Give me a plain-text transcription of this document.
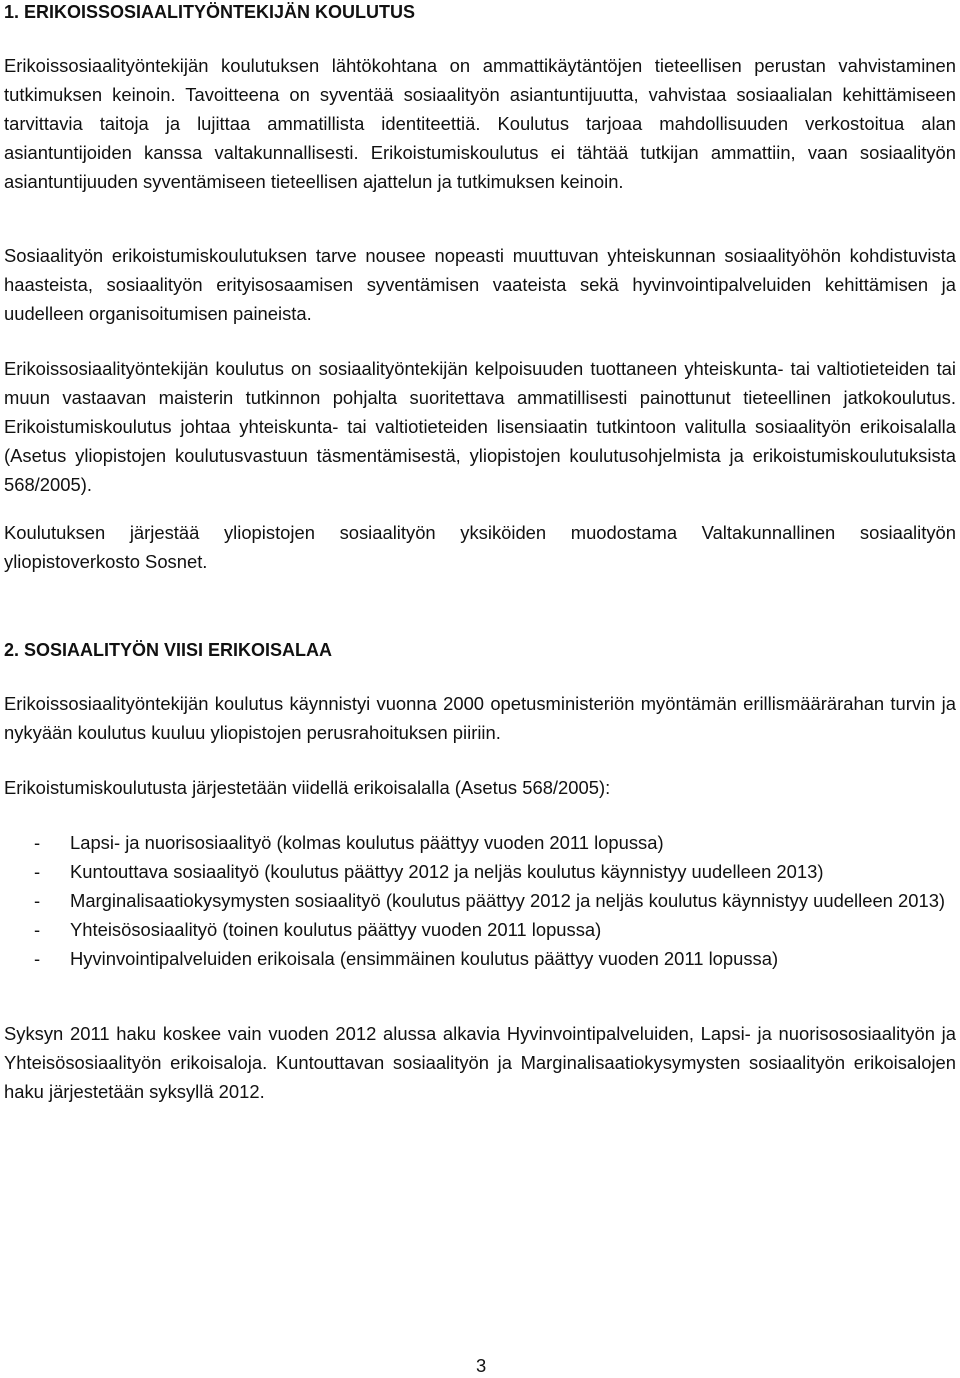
1. ERIKOISSOSIAALITYÖNTEKIJÄN KOULUTUS

Erikoissosiaalityöntekijän koulutuksen lähtökohtana on ammattikäytäntöjen tieteellisen perustan vahvistaminen tutkimuksen keinoin. Tavoitteena on syventää sosiaalityön asiantuntijuutta, vahvistaa sosiaalialan kehittämiseen tarvittavia taitoja ja lujittaa ammatillista identiteettiä. Koulutus tarjoaa mahdollisuuden verkostoitua alan asiantuntijoiden kanssa valtakunnallisesti. Erikoistumiskoulutus ei tähtää tutkijan ammattiin, vaan sosiaalityön asiantuntijuuden syventämiseen tieteellisen ajattelun ja tutkimuksen keinoin.

Sosiaalityön erikoistumiskoulutuksen tarve nousee nopeasti muuttuvan yhteiskunnan sosiaalityöhön kohdistuvista haasteista, sosiaalityön erityisosaamisen syventämisen vaateista sekä hyvinvointipalveluiden kehittämisen ja uudelleen organisoitumisen paineista.

Erikoissosiaalityöntekijän koulutus on sosiaalityöntekijän kelpoisuuden tuottaneen yhteiskunta- tai valtiotieteiden tai muun vastaavan maisterin tutkinnon pohjalta suoritettava ammatillisesti painottunut tieteellinen jatkokoulutus. Erikoistumiskoulutus johtaa yhteiskunta- tai valtiotieteiden lisensiaatin tutkintoon valitulla sosiaalityön erikoisalalla (Asetus yliopistojen koulutusvastuun täsmentämisestä, yliopistojen koulutusohjelmista ja erikoistumiskoulutuksista 568/2005).

Koulutuksen järjestää yliopistojen sosiaalityön yksiköiden muodostama Valtakunnallinen sosiaalityön yliopistoverkosto Sosnet.

2. SOSIAALITYÖN VIISI ERIKOISALAA

Erikoissosiaalityöntekijän koulutus käynnistyi vuonna 2000 opetusministeriön myöntämän erillismäärärahan turvin ja nykyään koulutus kuuluu yliopistojen perusrahoituksen piiriin.

Erikoistumiskoulutusta järjestetään viidellä erikoisalalla (Asetus 568/2005):

- Lapsi- ja nuorisosiaalityö (kolmas koulutus päättyy vuoden 2011 lopussa)
- Kuntouttava sosiaalityö (koulutus päättyy 2012 ja neljäs koulutus käynnistyy uudelleen 2013)
- Marginalisaatiokysymysten sosiaalityö (koulutus päättyy 2012 ja neljäs koulutus käynnistyy uudelleen 2013)
- Yhteisösosiaalityö (toinen koulutus päättyy vuoden 2011 lopussa)
- Hyvinvointipalveluiden erikoisala (ensimmäinen koulutus päättyy vuoden 2011 lopussa)

Syksyn 2011 haku koskee vain vuoden 2012 alussa alkavia Hyvinvointipalveluiden, Lapsi- ja nuorisososiaalityön ja Yhteisösosiaalityön erikoisaloja. Kuntouttavan sosiaalityön ja Marginalisaatiokysymysten sosiaalityön erikoisalojen haku järjestetään syksyllä 2012.

3
